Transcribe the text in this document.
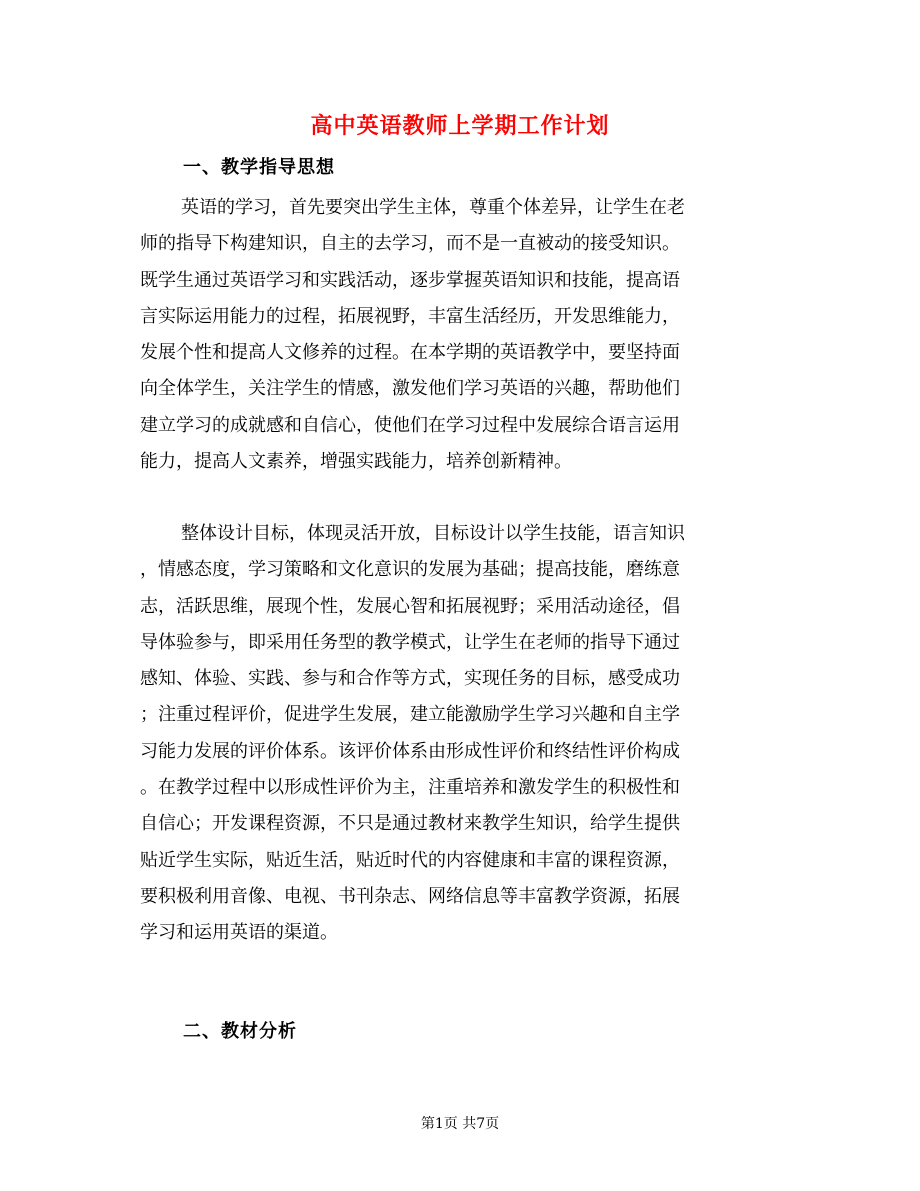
高中英语教师上学期工作计划
一、教学指导思想
英语的学习，首先要突出学生主体，尊重个体差异，让学生在老
师的指导下构建知识，自主的去学习，而不是一直被动的接受知识。
既学生通过英语学习和实践活动，逐步掌握英语知识和技能，提高语
言实际运用能力的过程，拓展视野，丰富生活经历，开发思维能力，
发展个性和提高人文修养的过程。在本学期的英语教学中，要坚持面
向全体学生，关注学生的情感，激发他们学习英语的兴趣，帮助他们
建立学习的成就感和自信心，使他们在学习过程中发展综合语言运用
能力，提高人文素养，增强实践能力，培养创新精神。
整体设计目标，体现灵活开放，目标设计以学生技能，语言知识
，情感态度，学习策略和文化意识的发展为基础；提高技能，磨练意
志，活跃思维，展现个性，发展心智和拓展视野；采用活动途径，倡
导体验参与，即采用任务型的教学模式，让学生在老师的指导下通过
感知、体验、实践、参与和合作等方式，实现任务的目标，感受成功
；注重过程评价，促进学生发展，建立能激励学生学习兴趣和自主学
习能力发展的评价体系。该评价体系由形成性评价和终结性评价构成
。在教学过程中以形成性评价为主，注重培养和激发学生的积极性和
自信心；开发课程资源，不只是通过教材来教学生知识，给学生提供
贴近学生实际，贴近生活，贴近时代的内容健康和丰富的课程资源，
要积极利用音像、电视、书刊杂志、网络信息等丰富教学资源，拓展
学习和运用英语的渠道。
二、教材分析
第1页 共7页
